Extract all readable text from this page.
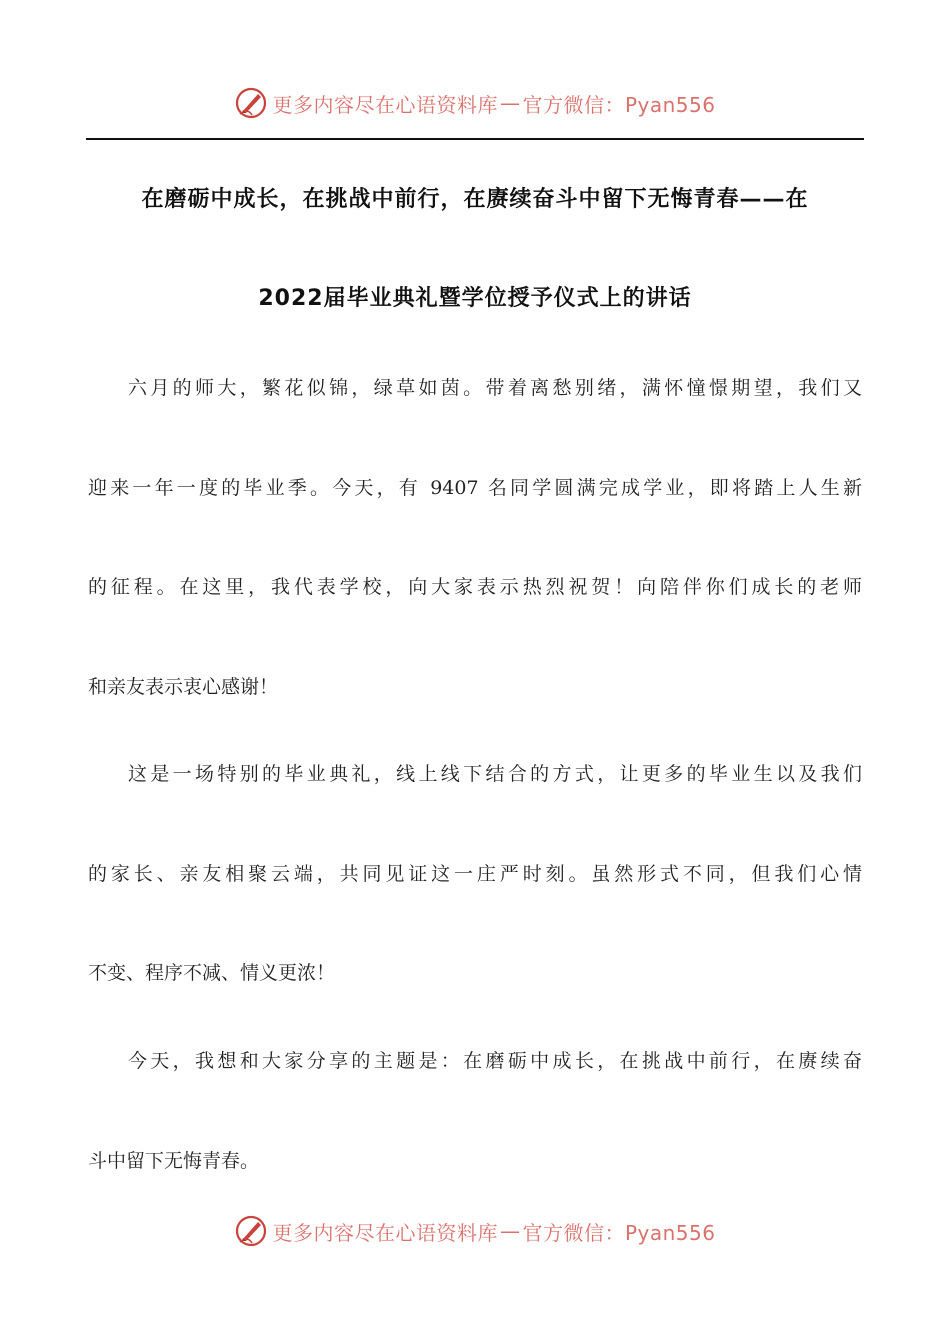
更多内容尽在心语资料库 — 官方微信：Pyan556
在磨砺中成长，在挑战中前行，在赓续奋斗中留下无悔青春——在
2022届毕业典礼暨学位授予仪式上的讲话
六月的师大，繁花似锦，绿草如茵。带着离愁别绪，满怀憧憬期望，我们又
迎来一年一度的毕业季。今天，有 9407 名同学圆满完成学业，即将踏上人生新
的征程。在这里，我代表学校，向大家表示热烈祝贺！向陪伴你们成长的老师
和亲友表示衷心感谢！
这是一场特别的毕业典礼，线上线下结合的方式，让更多的毕业生以及我们
的家长、亲友相聚云端，共同见证这一庄严时刻。虽然形式不同，但我们心情
不变、程序不减、情义更浓！
今天，我想和大家分享的主题是：在磨砺中成长，在挑战中前行，在赓续奋
斗中留下无悔青春。
更多内容尽在心语资料库 — 官方微信：Pyan556
